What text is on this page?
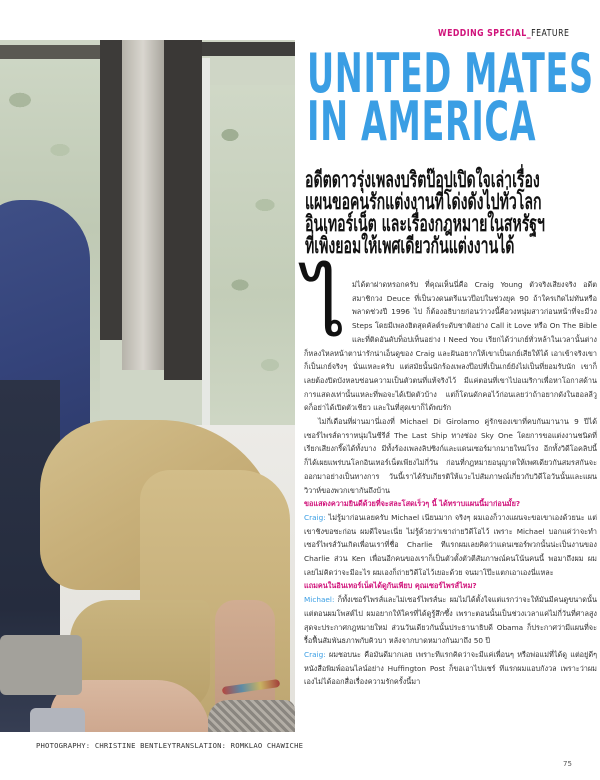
PHOTOGRAPHY: CHRISTINE BENTLEY TRANSLATION: ROMKLAO CHAWICHE
WEDDING SPECIAL_FEATURE
UNITED MATES
IN AMERICA
อดีตดาวรุ่งเพลงบริตป๊อปเปิดใจเล่าเรื่อง
แผนขอคนรักแต่งงานที่โด่งดังไปทั่วโลก
อินเทอร์เน็ต และเรื่องกฎหมายในสหรัฐฯ
ที่เพิ่งยอมให้เพศเดียวกันแต่งงานได้

ไม่ได้ตาฝาดหรอกครับ ที่คุณเห็นนี่คือ Craig Young ตัวจริงเสียงจริง อดีตสมาชิกวง Deuce ที่เป็นวงดนตรีแนวป๊อปในช่วงยุค 90 ถ้าใครเกิดไม่ทันหรือพลาดช่วงปี 1996 ไป ก็ต้องอธิบายก่อนว่าวงนี้คือวงหนุ่มสาวก่อนหน้าที่จะมีวง Steps โดยมีเพลงฮิตสุดคัลต์ระดับชาติอย่าง Call it Love หรือ On The Bible และที่ติดอันดับท็อปเท็นอย่าง I Need You เรียกได้ว่าเกย์ทั่วหล้าในเวลานั้นต่างก็หลงใหลหน้าตาน่ารักน่าเอ็นดูของ Craig และฝันอยากให้เขาเป็นเกย์เสียให้ได้ เอาเข้าจริงเขาก็เป็นเกย์จริงๆ นั่นแหละครับ แต่สมัยนั้นนักร้องเพลงป๊อปที่เป็นเกย์ยังไม่เป็นที่ยอมรับนัก เขาก็เลยต้องปิดบังหลบซ่อนความเป็นตัวตนที่แท้จริงไว้ มีแค่ตอนที่เขาไปอเมริกาเพื่อหาโอกาสด้านการแสดงเท่านั้นแหละที่พอจะได้เปิดตัวบ้าง แต่ก็โดนดักคอไว้ก่อนเลยว่าถ้าอยากดังในฮอลลีวูดก็อย่าได้เปิดตัวเชียว และในที่สุดเขาก็ได้พบรัก

ไม่กี่เดือนที่ผ่านมานี่เองที่ Michael Di Girolamo คู่รักของเขาที่คบกันมานาน 9 ปีได้เซอร์ไพรส์ดาราหนุ่มในซีรีส์ The Last Ship ทางช่อง Sky One โดยการขอแต่งงานชนิดที่เรียกเสียงกรี๊ดได้ทั้งบาง มีทั้งร้องเพลงลิปซิงก์และแดนเซอร์มากมายใหม่โรง อีกทั้งวิดีโอคลิปนี้ก็ได้เผยแพร่บนโลกอินเทอร์เน็ตเพียงไม่กี่วัน ก่อนที่กฎหมายอนุญาตให้เพศเดียวกันสมรสกันจะออกมาอย่างเป็นทางการ วันนี้เราได้รับเกียรติให้แวะไปสัมภาษณ์เกี่ยวกับวิดีโอวันนั้นและแผนวิวาห์ของพวกเขากันถึงบ้าน

ขอแสดงความยินดีด้วยที่จะสละโสดเร็วๆ นี้ ได้ทราบแผนนี้มาก่อนมั้ย?

Craig: ไม่รู้มาก่อนเลยครับ Michael เนียนมาก จริงๆ ผมเองก็วางแผนจะขอเขาเองด้วยนะ แต่เขาชิงขอซะก่อน ผมดีใจนะเนี่ย ไม่รู้ด้วยว่าเขาถ่ายวิดีโอไว้ เพราะ Michael บอกแค่ว่าจะทำเซอร์ไพรส์วันเกิดเพื่อนเราที่ชื่อ Charlie ทีแรกผมเลยคิดว่าแดนเซอร์พวกนั้นน่ะเป็นงานของ Charlie ส่วน Ken เพื่อนอีกคนของเราก็เป็นตัวตั้งตัวตีสัมภาษณ์คนโน้นคนนี้ พอมาถึงผม ผมเลยไม่คิดว่าจะมีอะไร ผมเองก็ถ่ายวิดีโอไว้เยอะด้วย จนมาโป๊ะแตกเอาเองนี่แหละ

แถมคนในอินเทอร์เน็ตได้ดูกันเพียบ คุณเซอร์ไพรส์ไหม?

Michael: ก็ทั้งเซอร์ไพรส์และไม่เซอร์ไพรส์นะ ผมไม่ได้ตั้งใจแต่แรกว่าจะให้มันมีคนดูขนาดนั้น แต่ตอนผมโพสต์ไป ผมอยากให้ใครที่ได้ดูรู้สึกซึ้ง เพราะตอนนั้นเป็นช่วงเวลาแค่ไม่กี่วันที่ศาลสูงสุดจะประกาศกฎหมายใหม่ ส่วนวันเดียวกันนั้นประธานาธิบดี Obama ก็ประกาศว่ามีแผนที่จะรื้อฟื้นสัมพันธภาพกับคิวบา หลังจากบาดหมางกันมาถึง 50 ปี

Craig: ผมชอบนะ คือมันดีมากเลย เพราะทีแรกคิดว่าจะมีแค่เพื่อนๆ หรือพ่อแม่ที่ได้ดู แต่อยู่ดีๆ หนังสือพิมพ์ออนไลน์อย่าง Huffington Post ก็ขอเอาไปแชร์ ทีแรกผมแอบกังวล เพราะว่าผมเองไม่ได้ออกสื่อเรื่องความรักครั้งนี้มา

75
